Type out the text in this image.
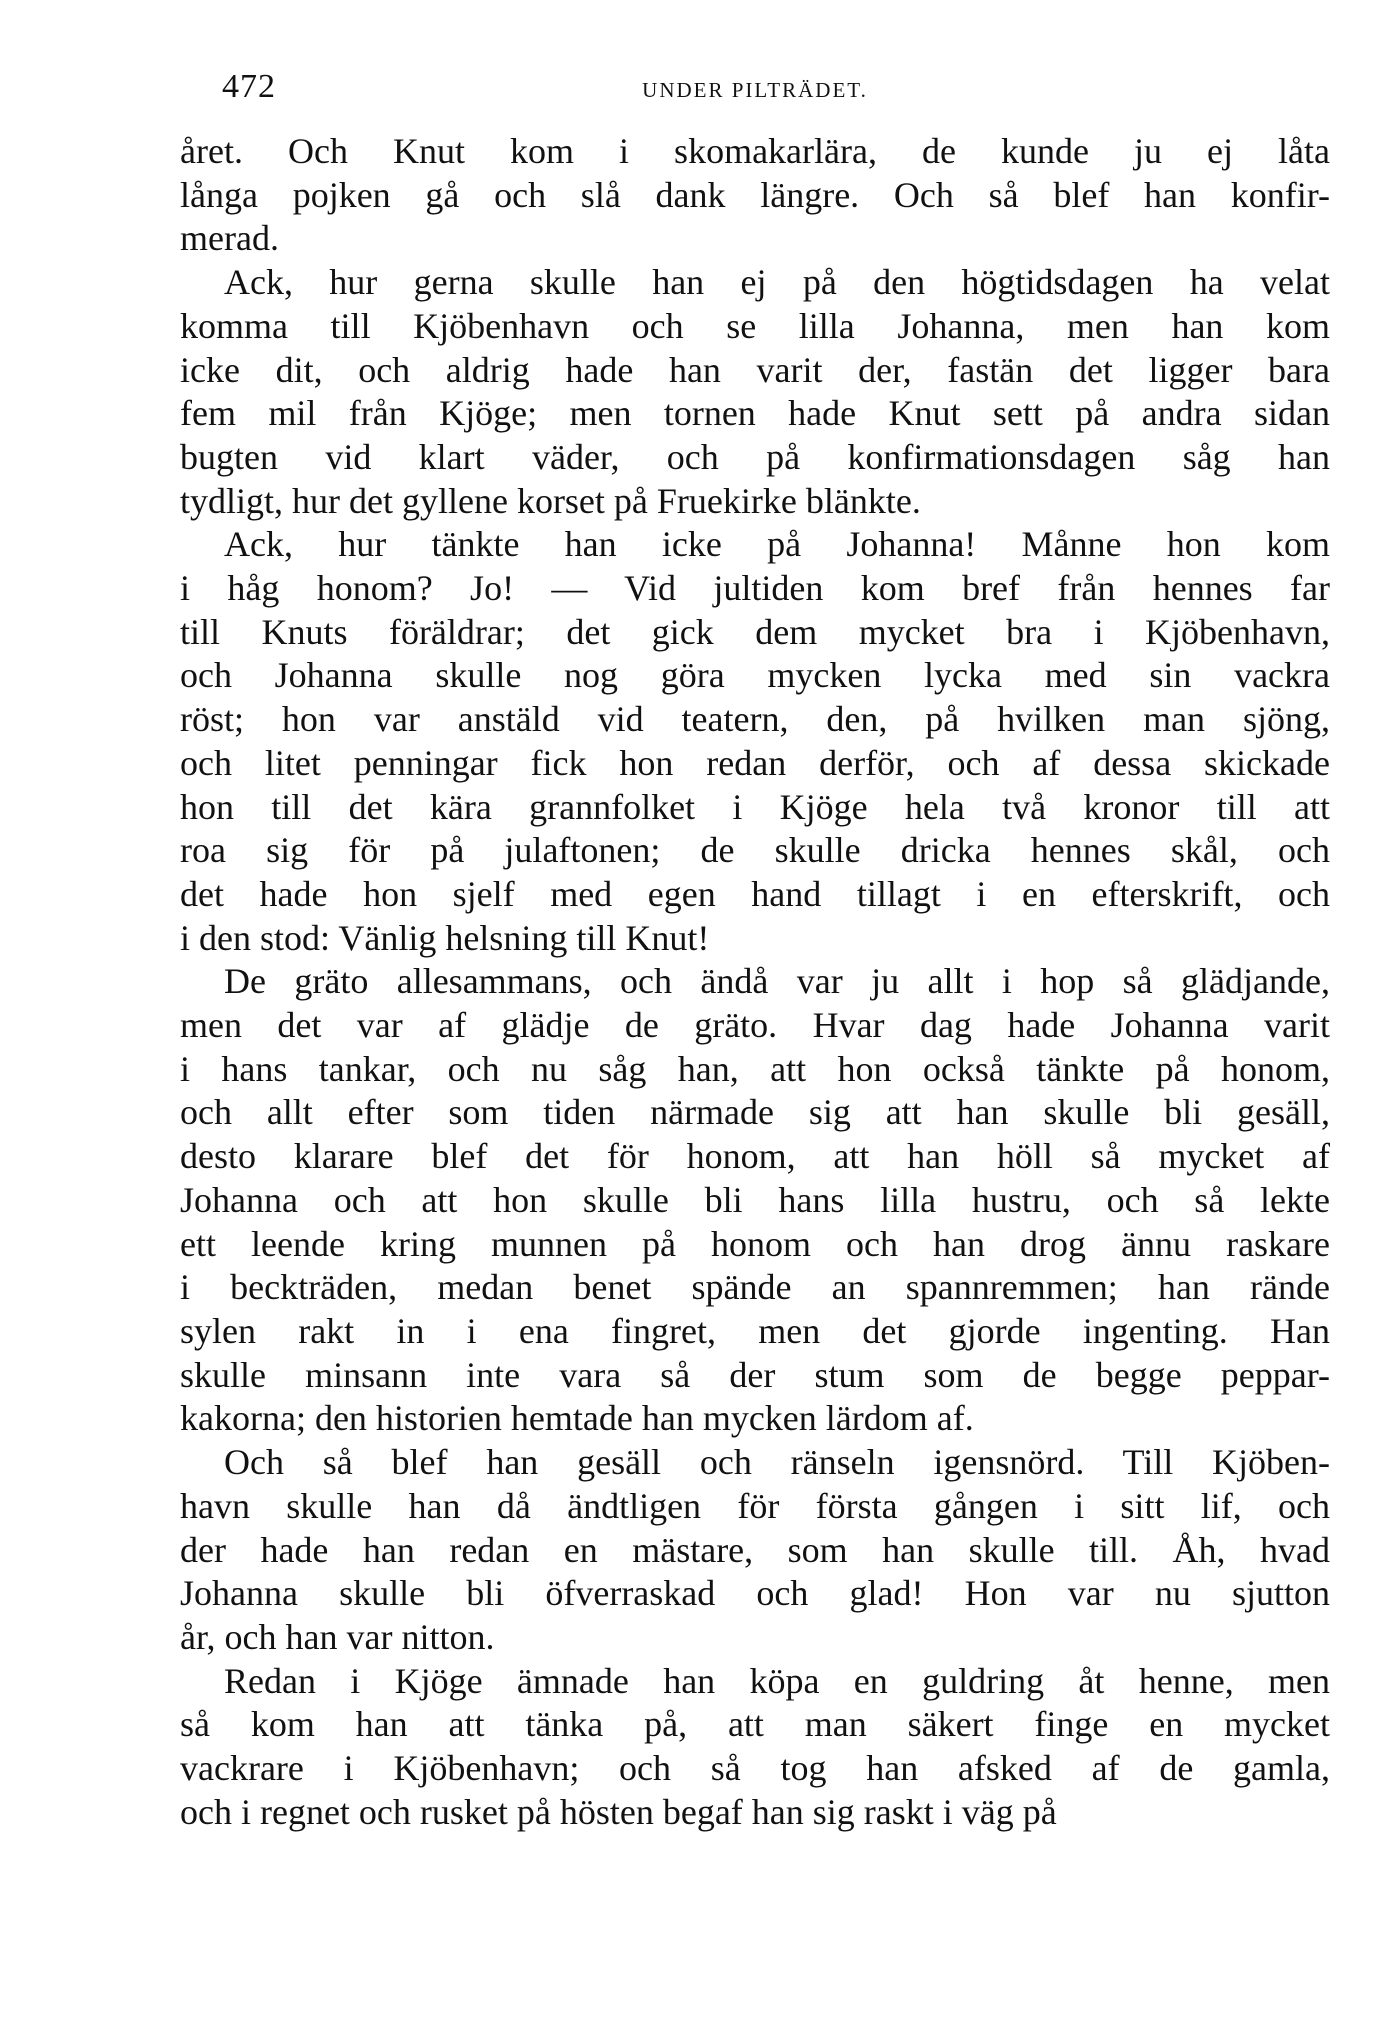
472	UNDER PILTRÄDET.

året. Och Knut kom i skomakarlära, de kunde ju ej låta
långa pojken gå och slå dank längre. Och så blef han konfir-
merad.

Ack, hur gerna skulle han ej på den högtidsdagen ha velat
komma till Kjöbenhavn och se lilla Johanna, men han kom
icke dit, och aldrig hade han varit der, fastän det ligger bara
fem mil från Kjöge; men tornen hade Knut sett på andra sidan
bugten vid klart väder, och på konfirmationsdagen såg han
tydligt, hur det gyllene korset på Fruekirke blänkte.

Ack, hur tänkte han icke på Johanna! Månne hon kom
i håg honom? Jo! — Vid jultiden kom bref från hennes far
till Knuts föräldrar; det gick dem mycket bra i Kjöbenhavn,
och Johanna skulle nog göra mycken lycka med sin vackra
röst; hon var anstäld vid teatern, den, på hvilken man sjöng,
och litet penningar fick hon redan derför, och af dessa skickade
hon till det kära grannfolket i Kjöge hela två kronor till att
roa sig för på julaftonen; de skulle dricka hennes skål, och
det hade hon sjelf med egen hand tillagt i en efterskrift, och
i den stod: Vänlig helsning till Knut!

De gräto allesammans, och ändå var ju allt i hop så glädjande,
men det var af glädje de gräto. Hvar dag hade Johanna varit
i hans tankar, och nu såg han, att hon också tänkte på honom,
och allt efter som tiden närmade sig att han skulle bli gesäll,
desto klarare blef det för honom, att han höll så mycket af
Johanna och att hon skulle bli hans lilla hustru, och så lekte
ett leende kring munnen på honom och han drog ännu raskare
i beckträden, medan benet spände an spannremmen; han rände
sylen rakt in i ena fingret, men det gjorde ingenting. Han
skulle minsann inte vara så der stum som de begge peppar-
kakorna; den historien hemtade han mycken lärdom af.

Och så blef han gesäll och ränseln igensnörd. Till Kjöben-
havn skulle han då ändtligen för första gången i sitt lif, och
der hade han redan en mästare, som han skulle till. Åh, hvad
Johanna skulle bli öfverraskad och glad! Hon var nu sjutton
år, och han var nitton.

Redan i Kjöge ämnade han köpa en guldring åt henne, men
så kom han att tänka på, att man säkert finge en mycket
vackrare i Kjöbenhavn; och så tog han afsked af de gamla,
och i regnet och rusket på hösten begaf han sig raskt i väg på
